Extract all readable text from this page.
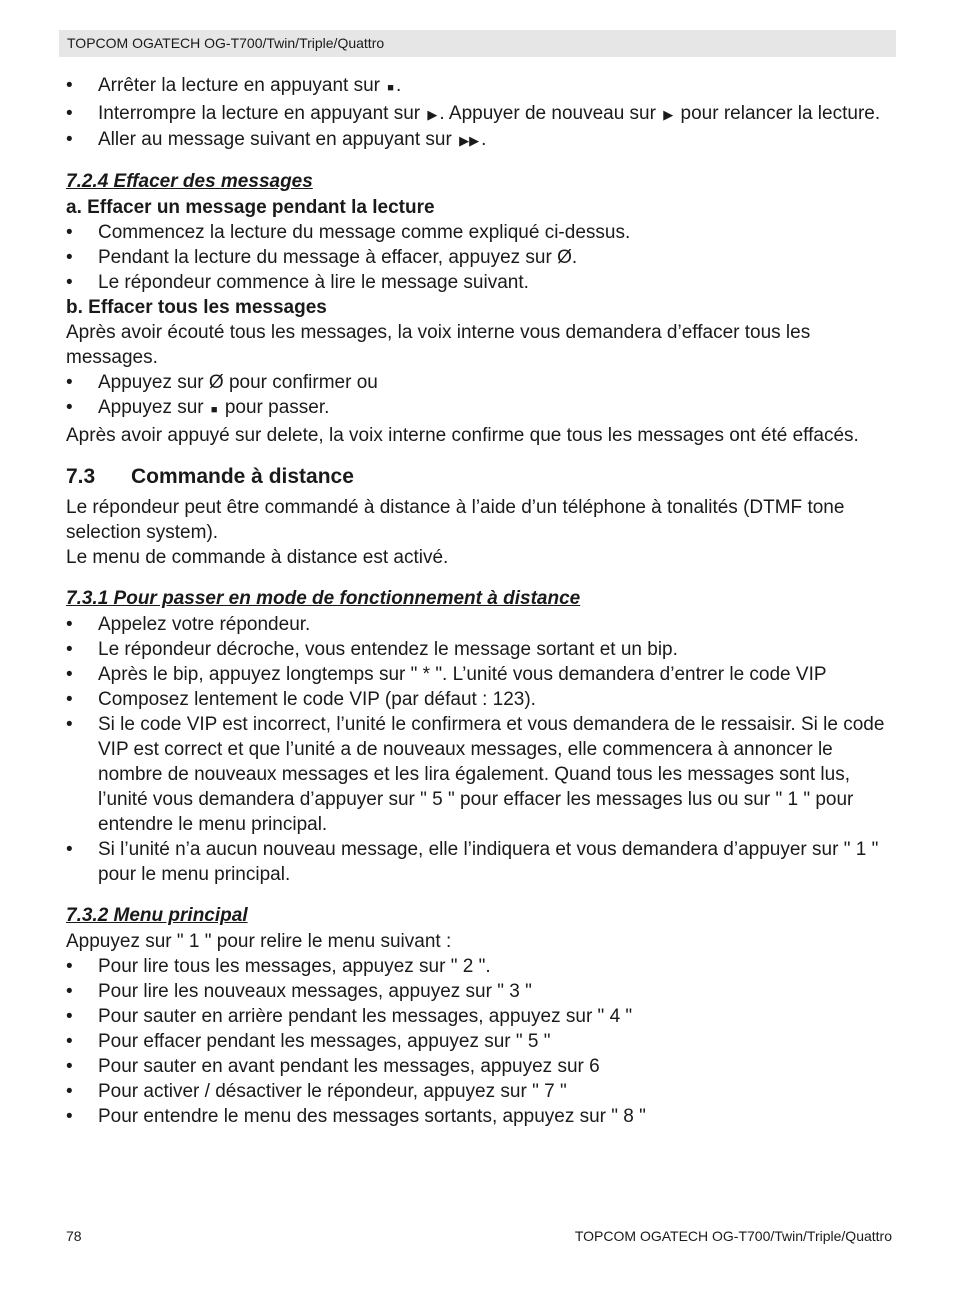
TOPCOM OGATECH OG-T700/Twin/Triple/Quattro
• Arrêter la lecture en appuyant sur ■ .
• Interrompre la lecture en appuyant sur ▶ . Appuyer de nouveau sur ▶ pour relancer la lecture.
• Aller au message suivant en appuyant sur ▶▶ .
7.2.4 Effacer des messages
a. Effacer un message pendant la lecture
• Commencez la lecture du message comme expliqué ci-dessus.
• Pendant la lecture du message à effacer, appuyez sur Ø.
• Le répondeur commence à lire le message suivant.
b. Effacer tous les messages
Après avoir écouté tous les messages, la voix interne vous demandera d’effacer tous les messages.
• Appuyez sur Ø pour confirmer ou
• Appuyez sur ■ pour passer.
Après avoir appuyé sur delete, la voix interne confirme que tous les messages ont été effacés.
7.3 Commande à distance
Le répondeur peut être commandé à distance à l’aide d’un téléphone à tonalités (DTMF tone selection system).
Le menu de commande à distance est activé.
7.3.1 Pour passer en mode de fonctionnement à distance
• Appelez votre répondeur.
• Le répondeur décroche, vous entendez le message sortant et un bip.
• Après le bip, appuyez longtemps sur " * ". L’unité vous demandera d’entrer le code VIP
• Composez lentement le code VIP (par défaut : 123).
• Si le code VIP est incorrect, l’unité le confirmera et vous demandera de le ressaisir. Si le code VIP est correct et que l’unité a de nouveaux messages, elle commencera à annoncer le nombre de nouveaux messages et les lira également. Quand tous les messages sont lus, l’unité vous demandera d’appuyer sur " 5 " pour effacer les messages lus ou sur " 1 " pour entendre le menu principal.
• Si l’unité n’a aucun nouveau message, elle l’indiquera et vous demandera d’appuyer sur " 1 " pour le menu principal.
7.3.2 Menu principal
Appuyez sur " 1 " pour relire le menu suivant :
• Pour lire tous les messages, appuyez sur " 2 ".
• Pour lire les nouveaux messages, appuyez sur " 3 "
• Pour sauter en arrière pendant les messages, appuyez sur " 4 "
• Pour effacer pendant les messages, appuyez sur " 5 "
• Pour sauter en avant pendant les messages, appuyez sur 6
• Pour activer / désactiver le répondeur, appuyez sur " 7 "
• Pour entendre le menu des messages sortants, appuyez sur " 8 "
78	TOPCOM OGATECH OG-T700/Twin/Triple/Quattro
